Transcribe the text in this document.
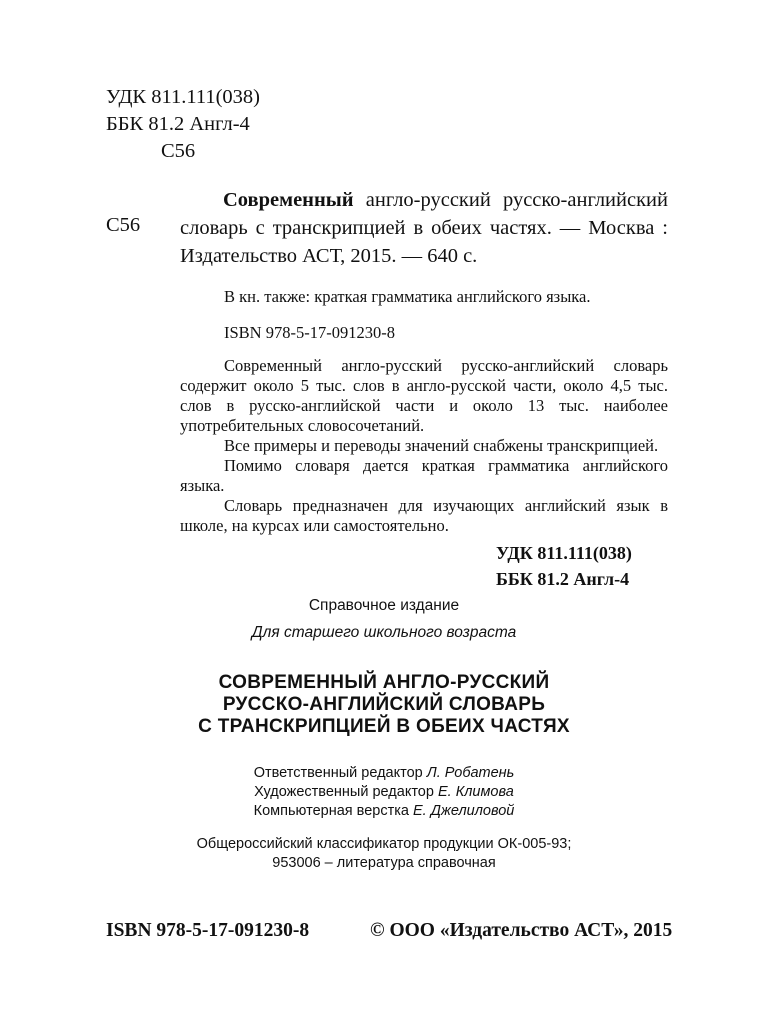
УДК 811.111(038)
ББК 81.2 Англ-4
С56
С56
Современный англо-русский русско-английский словарь с транскрипцией в обеих частях. — Москва : Издательство АСТ, 2015. — 640 с.
В кн. также: краткая грамматика английского языка.
ISBN 978-5-17-091230-8

Современный англо-русский русско-английский словарь содержит около 5 тыс. слов в англо-русской части, около 4,5 тыс. слов в русско-английской части и около 13 тыс. наиболее употребительных словосочетаний.

Все примеры и переводы значений снабжены транскрипцией.

Помимо словаря дается краткая грамматика английского языка.

Словарь предназначен для изучающих английский язык в школе, на курсах или самостоятельно.

УДК 811.111(038)
ББК 81.2 Англ-4
Справочное издание
Для старшего школьного возраста
СОВРЕМЕННЫЙ АНГЛО-РУССКИЙ
РУССКО-АНГЛИЙСКИЙ СЛОВАРЬ
С ТРАНСКРИПЦИЕЙ В ОБЕИХ ЧАСТЯХ
Ответственный редактор Л. Робатень
Художественный редактор Е. Климова
Компьютерная верстка Е. Джелиловой
Общероссийский классификатор продукции ОК-005-93;
953006 – литература справочная
ISBN 978-5-17-091230-8	© ООО «Издательство АСТ», 2015
